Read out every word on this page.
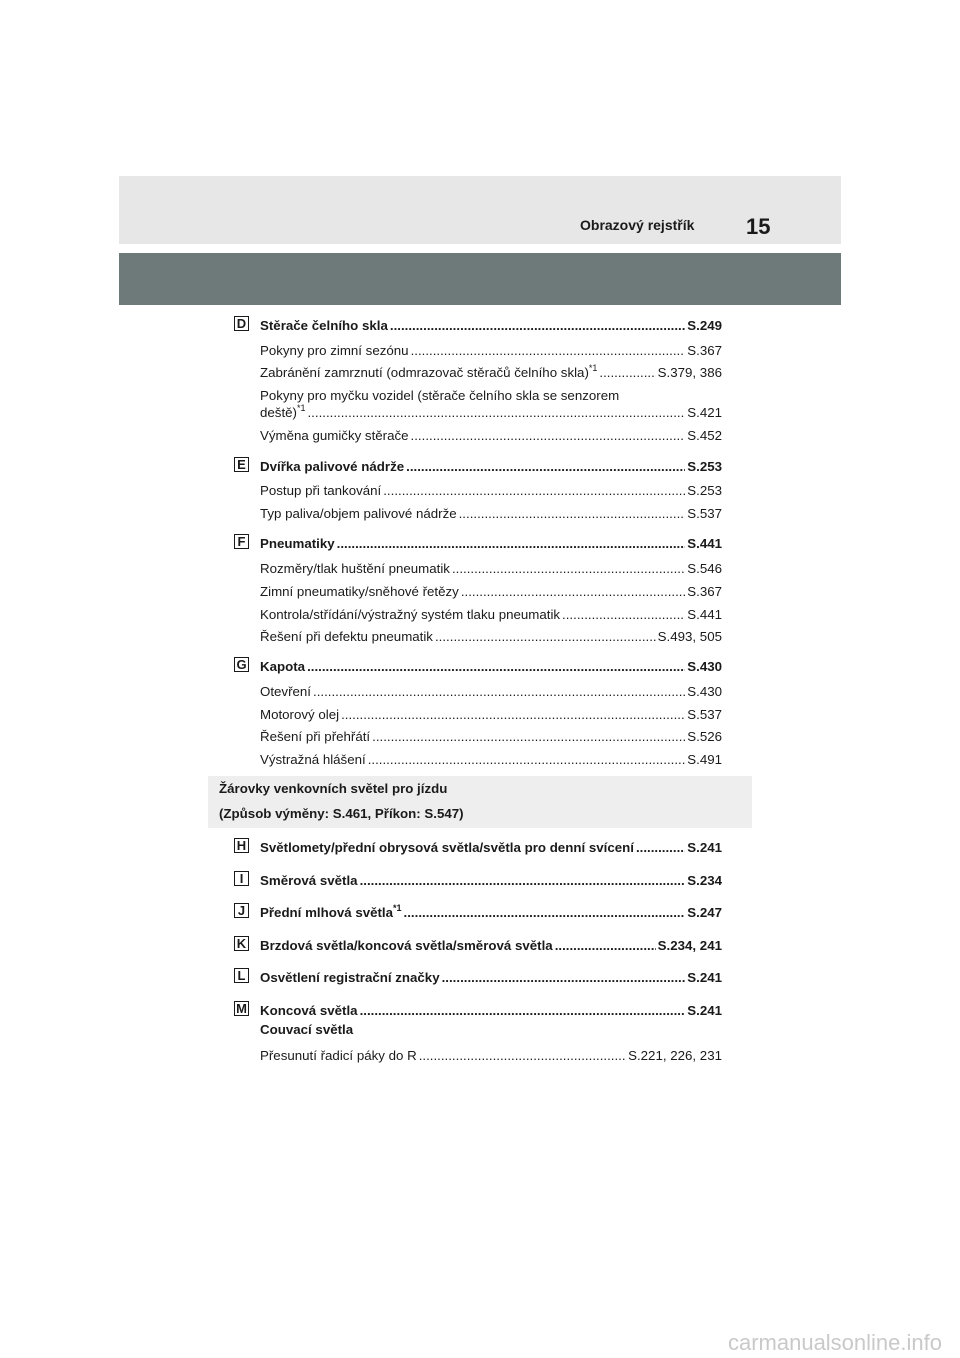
Obrazový rejstřík 15
D Stěrače čelního skla .....	S.249
Pokyny pro zimní sezónu .....	S.367
Zabránění zamrznutí (odmrazovač stěračů čelního skla)$^{*1}$ .....	S.379, 386
Pokyny pro myčku vozidel (stěrače čelního skla se senzorem
deště)$^{*1}$ .....	S.421
Výměna gumičky stěrače .....	S.452
E Dvířka palivové nádrže .....	S.253
Postup při tankování .....	S.253
Typ paliva/objem palivové nádrže .....	S.537
F Pneumatiky .....	S.441
Rozměry/tlak huštění pneumatik .....	S.546
Zimní pneumatiky/sněhové řetězy .....	S.367
Kontrola/střídání/výstražný systém tlaku pneumatik .....	S.441
Řešení při defektu pneumatik .....	S.493, 505
G Kapota .....	S.430
Otevření .....	S.430
Motorový olej .....	S.537
Řešení při přehřátí .....	S.526
Výstražná hlášení .....	S.491
Žárovky venkovních světel pro jízdu
(Způsob výměny: S.461, Příkon: S.547)
H Světlomety/přední obrysová světla/světla pro denní svícení .....	S.241
I	Směrová světla .....	S.234
J Přední mlhová světla$^{*1}$ .....	S.247
K Brzdová světla/koncová světla/směrová světla .....	S.234, 241
L Osvětlení registrační značky .....	S.241
M Koncová světla .....	S.241
Couvací světla
Přesunutí řadicí páky do R .....	S.221, 226, 231
carmanualsonline.info
